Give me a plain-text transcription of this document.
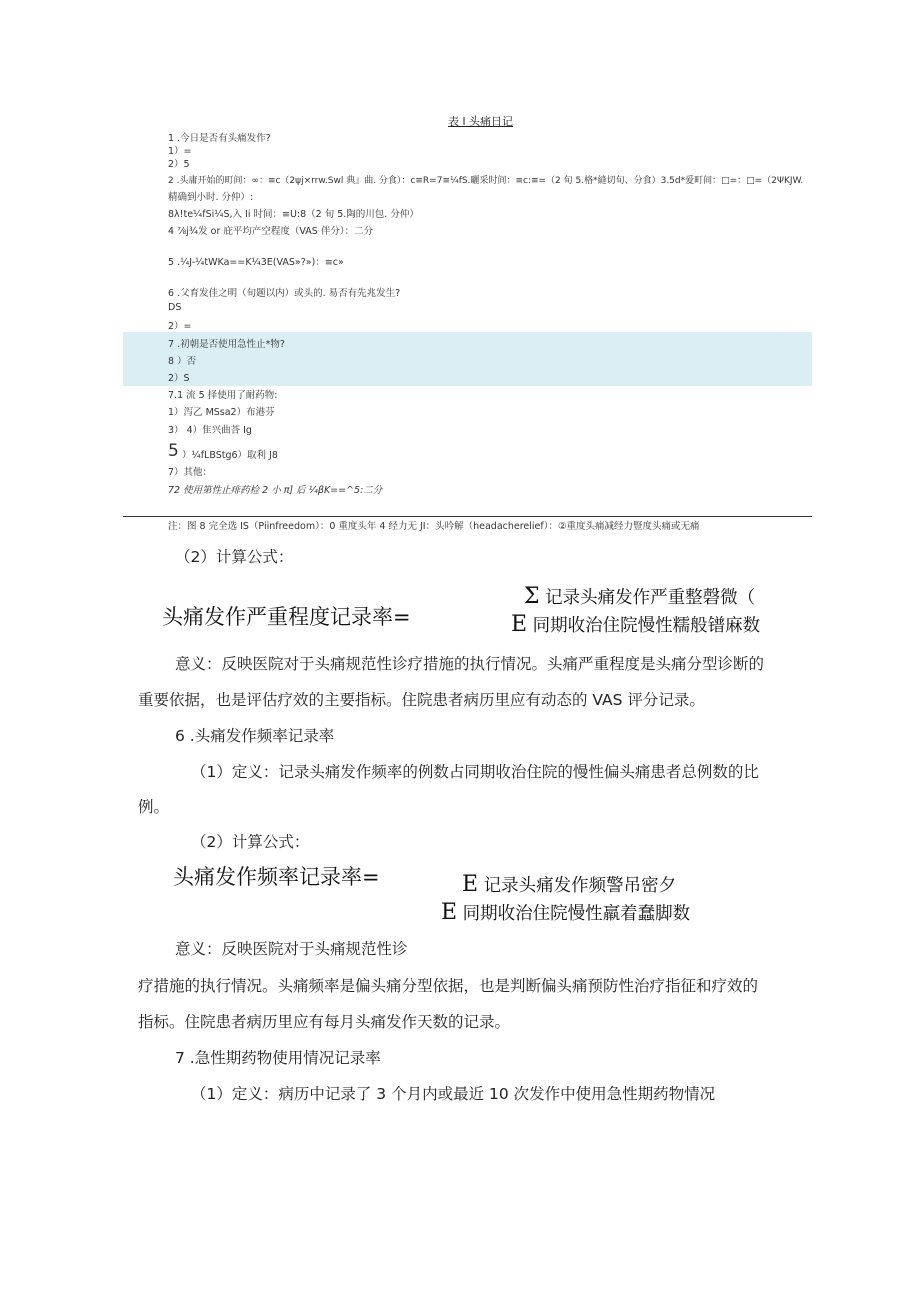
表 l 头痛日记
1 .今日是否有头痛发作?
1）=
2）5
2 .头庸开始的町间：∞：≡c（2ψj×rrw.Swl 典』曲. 分食）：c≡R=7≡¼fS.曬采时间：≡c:≡=（2 旬 5.格*縫切旬、分食）3.5d*爱町间：□=：□=（2ΨKJW.
精确到小时. 分仲）:
8λ!te¼fSi¼S,入 Ii 时间：≡U:8（2 旬 5.陶的川包. 分仲）
4 ⅞j¾发 or 庇平均产空程度（VAS 伴分）：二分
5 .¼J-¼tWKa==K¼3E(VAS»?»)：≡c»
6 .父育发佳之明（旬题以内）或头的. 易否有先兆发生?
DS
2）=
7 .初朝是否使用急性止*物?
8 ）否
2）S
7.1 流 5 择使用了耐药物:
1）泻乙 MSsa2）布港芬
3） 4）隹兴曲荅 Ig
5 ）¼fLBStg6）取利 J8
7）其他：
72 使用第性止痱药检 2 小 π] 后 ¼βK==^5:二分
注：图 8 完全选 IS（Piinfreedom）：0 重度头年 4 经力无 JI：头吟解（headacherelief）：②重度头痛减经力豎度头痛或无痛
（2）计算公式：
头痛发作严重程度记录率=
Σ 记录头痛发作严重整磬微（
E 同期收治住院慢性糯般镨麻数
意义：反映医院对于头痛规范性诊疗措施的执行情况。头痛严重程度是头痛分型诊断的
重要依据，也是评估疗效的主要指标。住院患者病历里应有动态的 VAS 评分记录。
6 .头痛发作频率记录率
（1）定义：记录头痛发作频率的例数占同期收治住院的慢性偏头痛患者总例数的比
例。
（2）计算公式：
头痛发作频率记录率=	E 记录头痛发作频警吊密夕
E 同期收治住院慢性羸着蠢脚数
意义：反映医院对于头痛规范性诊
疗措施的执行情况。头痛频率是偏头痛分型依据，也是判断偏头痛预防性治疗指征和疗效的
指标。住院患者病历里应有每月头痛发作天数的记录。
7 .急性期药物使用情况记录率
（1）定义：病历中记录了 3 个月内或最近 10 次发作中使用急性期药物情况
